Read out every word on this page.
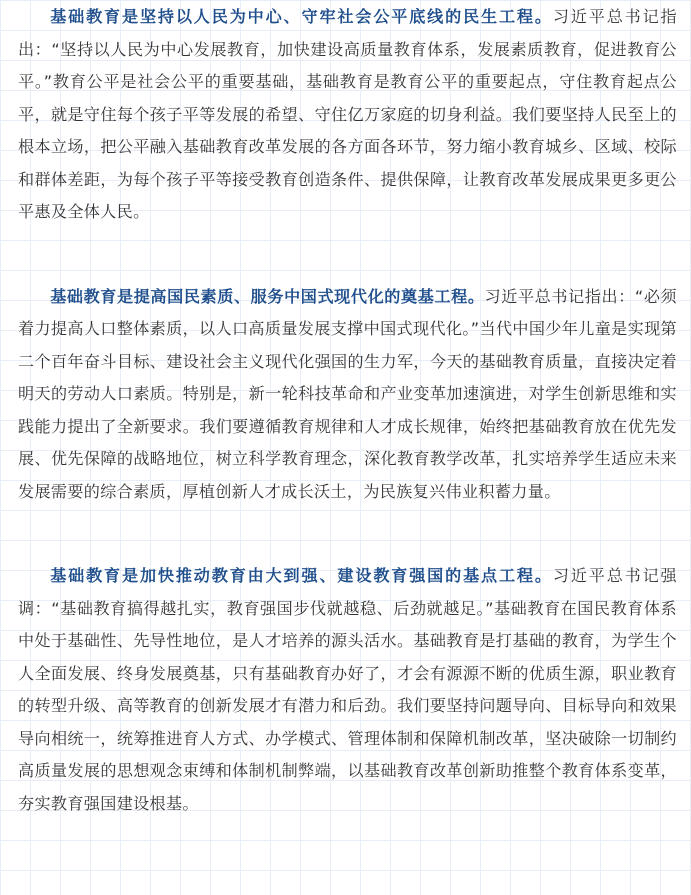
基础教育是坚持以人民为中心、守牢社会公平底线的民生工程。习近平总书记指出：“坚持以人民为中心发展教育，加快建设高质量教育体系，发展素质教育，促进教育公平。”教育公平是社会公平的重要基础，基础教育是教育公平的重要起点，守住教育起点公平，就是守住每个孩子平等发展的希望、守住亿万家庭的切身利益。我们要坚持人民至上的根本立场，把公平融入基础教育改革发展的各方面各环节，努力缩小教育城乡、区域、校际和群体差距，为每个孩子平等接受教育创造条件、提供保障，让教育改革发展成果更多更公平惠及全体人民。

基础教育是提高国民素质、服务中国式现代化的奠基工程。习近平总书记指出：“必须着力提高人口整体素质，以人口高质量发展支撑中国式现代化。”当代中国少年儿童是实现第二个百年奋斗目标、建设社会主义现代化强国的生力军，今天的基础教育质量，直接决定着明天的劳动人口素质。特别是，新一轮科技革命和产业变革加速演进，对学生创新思维和实践能力提出了全新要求。我们要遵循教育规律和人才成长规律，始终把基础教育放在优先发展、优先保障的战略地位，树立科学教育理念，深化教育教学改革，扎实培养学生适应未来发展需要的综合素质，厚植创新人才成长沃土，为民族复兴伟业积蓄力量。

基础教育是加快推动教育由大到强、建设教育强国的基点工程。习近平总书记强调：“基础教育搞得越扎实，教育强国步伐就越稳、后劲就越足。”基础教育在国民教育体系中处于基础性、先导性地位，是人才培养的源头活水。基础教育是打基础的教育，为学生个人全面发展、终身发展奠基，只有基础教育办好了，才会有源源不断的优质生源，职业教育的转型升级、高等教育的创新发展才有潜力和后劲。我们要坚持问题导向、目标导向和效果导向相统一，统筹推进育人方式、办学模式、管理体制和保障机制改革，坚决破除一切制约高质量发展的思想观念束缚和体制机制弊端，以基础教育改革创新助推整个教育体系变革，夯实教育强国建设根基。
